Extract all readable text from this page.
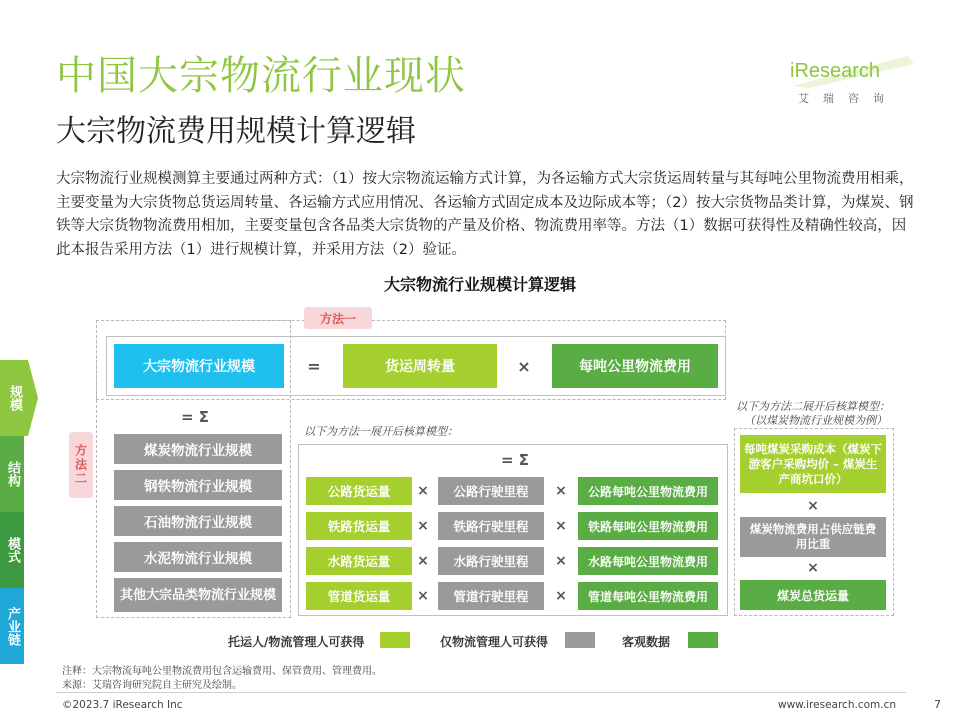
中国大宗物流行业现状
大宗物流费用规模计算逻辑
iResearch
艾瑞咨询
大宗物流行业规模测算主要通过两种方式：（1）按大宗物流运输方式计算，为各运输方式大宗货运周转量与其每吨公里物流费用相乘，主要变量为大宗货物总货运周转量、各运输方式应用情况、各运输方式固定成本及边际成本等；（2）按大宗货物品类计算，为煤炭、钢铁等大宗货物物流费用相加，主要变量包含各品类大宗货物的产量及价格、物流费用率等。方法（1）数据可获得性及精确性较高，因此本报告采用方法（1）进行规模计算，并采用方法（2）验证。
大宗物流行业规模计算逻辑
方法一
方法二
大宗物流行业规模	=	货运周转量	×	每吨公里物流费用
= Σ
煤炭物流行业规模
钢铁物流行业规模
石油物流行业规模
水泥物流行业规模
其他大宗品类物流行业规模
以下为方法一展开后核算模型：
= Σ
公路货运量	×	公路行驶里程	×	公路每吨公里物流费用
铁路货运量	×	铁路行驶里程	×	铁路每吨公里物流费用
水路货运量	×	水路行驶里程	×	水路每吨公里物流费用
管道货运量	×	管道行驶里程	×	管道每吨公里物流费用
以下为方法二展开后核算模型：
（以煤炭物流行业规模为例）
每吨煤炭采购成本（煤炭下游客户采购均价 – 煤炭生产商坑口价）
×
煤炭物流费用占供应链费用比重
×
煤炭总货运量
托运人/物流管理人可获得	仅物流管理人可获得	客观数据
规模
结构
模式
产业链
注释：大宗物流每吨公里物流费用包含运输费用、保管费用、管理费用。
来源：艾瑞咨询研究院自主研究及绘制。
©2023.7 iResearch Inc	www.iresearch.com.cn	7
